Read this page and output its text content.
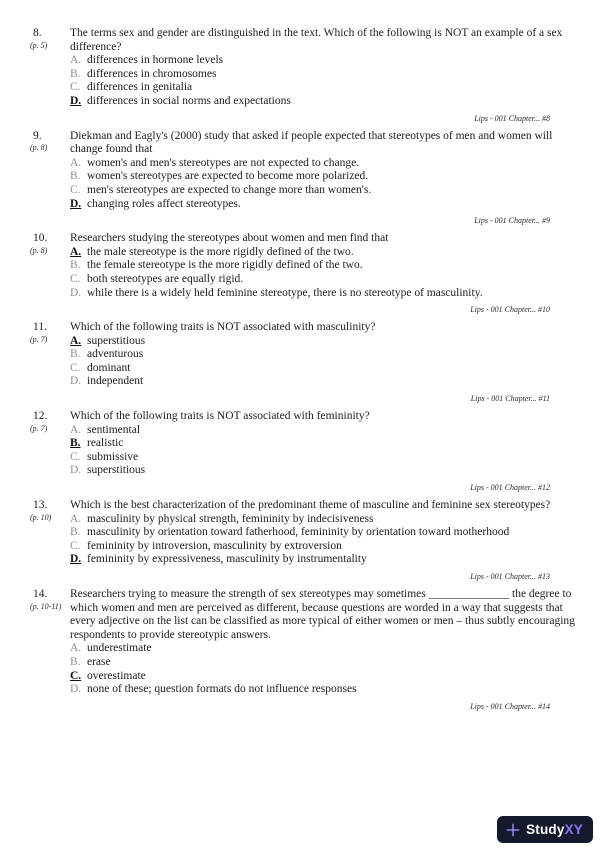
8.
(p. 5)
The terms sex and gender are distinguished in the text. Which of the following is NOT an example of a sex difference?
A. differences in hormone levels
B. differences in chromosomes
C. differences in genitalia
D. differences in social norms and expectations
Lips - 001 Chapter... #8
9.
(p. 8)
Diekman and Eagly's (2000) study that asked if people expected that stereotypes of men and women will change found that
A. women's and men's stereotypes are not expected to change.
B. women's stereotypes are expected to become more polarized.
C. men's stereotypes are expected to change more than women's.
D. changing roles affect stereotypes.
Lips - 001 Chapter... #9
10.
(p. 8)
Researchers studying the stereotypes about women and men find that
A. the male stereotype is the more rigidly defined of the two.
B. the female stereotype is the more rigidly defined of the two.
C. both stereotypes are equally rigid.
D. while there is a widely held feminine stereotype, there is no stereotype of masculinity.
Lips - 001 Chapter... #10
11.
(p. 7)
Which of the following traits is NOT associated with masculinity?
A. superstitious
B. adventurous
C. dominant
D. independent
Lips - 001 Chapter... #11
12.
(p. 7)
Which of the following traits is NOT associated with femininity?
A. sentimental
B. realistic
C. submissive
D. superstitious
Lips - 001 Chapter... #12
13.
(p. 10)
Which is the best characterization of the predominant theme of masculine and feminine sex stereotypes?
A. masculinity by physical strength, femininity by indecisiveness
B. masculinity by orientation toward fatherhood, femininity by orientation toward motherhood
C. femininity by introversion, masculinity by extroversion
D. femininity by expressiveness, masculinity by instrumentality
Lips - 001 Chapter... #13
14.
(p. 10-11)
Researchers trying to measure the strength of sex stereotypes may sometimes ______________ the degree to which women and men are perceived as different, because questions are worded in a way that suggests that every adjective on the list can be classified as more typical of either women or men – thus subtly encouraging respondents to provide stereotypic answers.
A. underestimate
B. erase
C. overestimate
D. none of these; question formats do not influence responses
Lips - 001 Chapter... #14
Study XY
